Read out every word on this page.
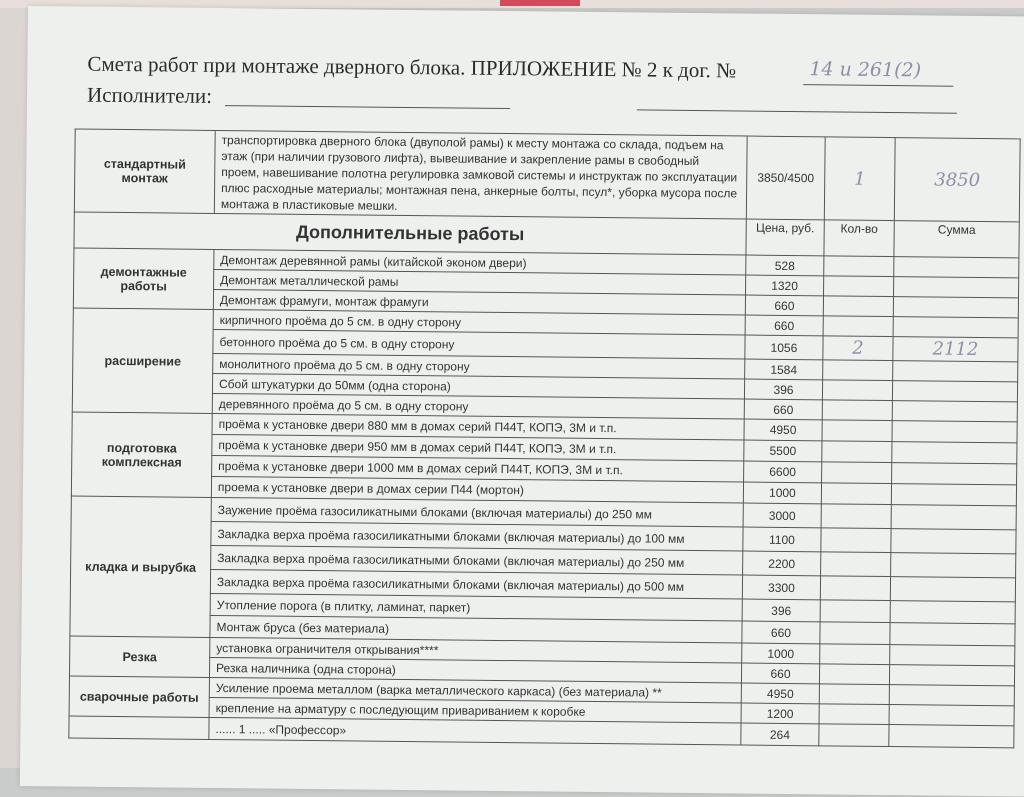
Смета работ при монтаже дверного блока. ПРИЛОЖЕНИЕ № 2 к дог. №	14 и 261(2)
Исполнители:
стандартный монтаж	транспортировка дверного блока (двуполой рамы) к месту монтажа со склада, подъем на этаж (при наличии грузового лифта), вывешивание и закрепление рамы в свободный проем, навешивание полотна регулировка замковой системы и инструктаж по эксплуатации плюс расходные материалы; монтажная пена, анкерные болты, псул*, уборка мусора после монтажа в пластиковые мешки.	3850/4500	1	3850
Дополнительные работы		Цена, руб.	Кол-во	Сумма
демонтажные работы	Демонтаж деревянной рамы (китайской эконом двери)	528		
	Демонтаж металлической рамы	1320		
	Демонтаж фрамуги, монтаж фрамуги	660		
расширение	кирпичного проёма до 5 см. в одну сторону	660		
	бетонного проёма до 5 см. в одну сторону	1056	2	2112
	монолитного проёма до 5 см. в одну сторону	1584		
	Сбой штукатурки до 50мм (одна сторона)	396		
	деревянного проёма до 5 см. в одну сторону	660		
подготовка комплексная	проёма к установке двери 880 мм в домах серий П44Т, КОПЭ, 3М и т.п.	4950		
	проёма к установке двери 950 мм в домах серий П44Т, КОПЭ, 3М и т.п.	5500		
	проёма к установке двери 1000 мм в домах серий П44Т, КОПЭ, 3М и т.п.	6600		
	проема к установке двери в домах серии П44 (мортон)	1000		
кладка и вырубка	Заужение проёма газосиликатными блоками (включая материалы) до 250 мм	3000		
	Закладка верха проёма газосиликатными блоками (включая материалы) до 100 мм	1100		
	Закладка верха проёма газосиликатными блоками (включая материалы) до 250 мм	2200		
	Закладка верха проёма газосиликатными блоками (включая материалы) до 500 мм	3300		
	Утопление порога (в плитку, ламинат, паркет)	396		
	Монтаж бруса (без материала)	660		
Резка	установка ограничителя открывания****	1000		
	Резка наличника (одна сторона)	660		
сварочные работы	Усиление проема металлом (варка металлического каркаса) (без материала) **	4950		
	крепление на арматуру с последующим привариванием к коробке	1200		
	...... 1 ..... «Профессор»	264		
